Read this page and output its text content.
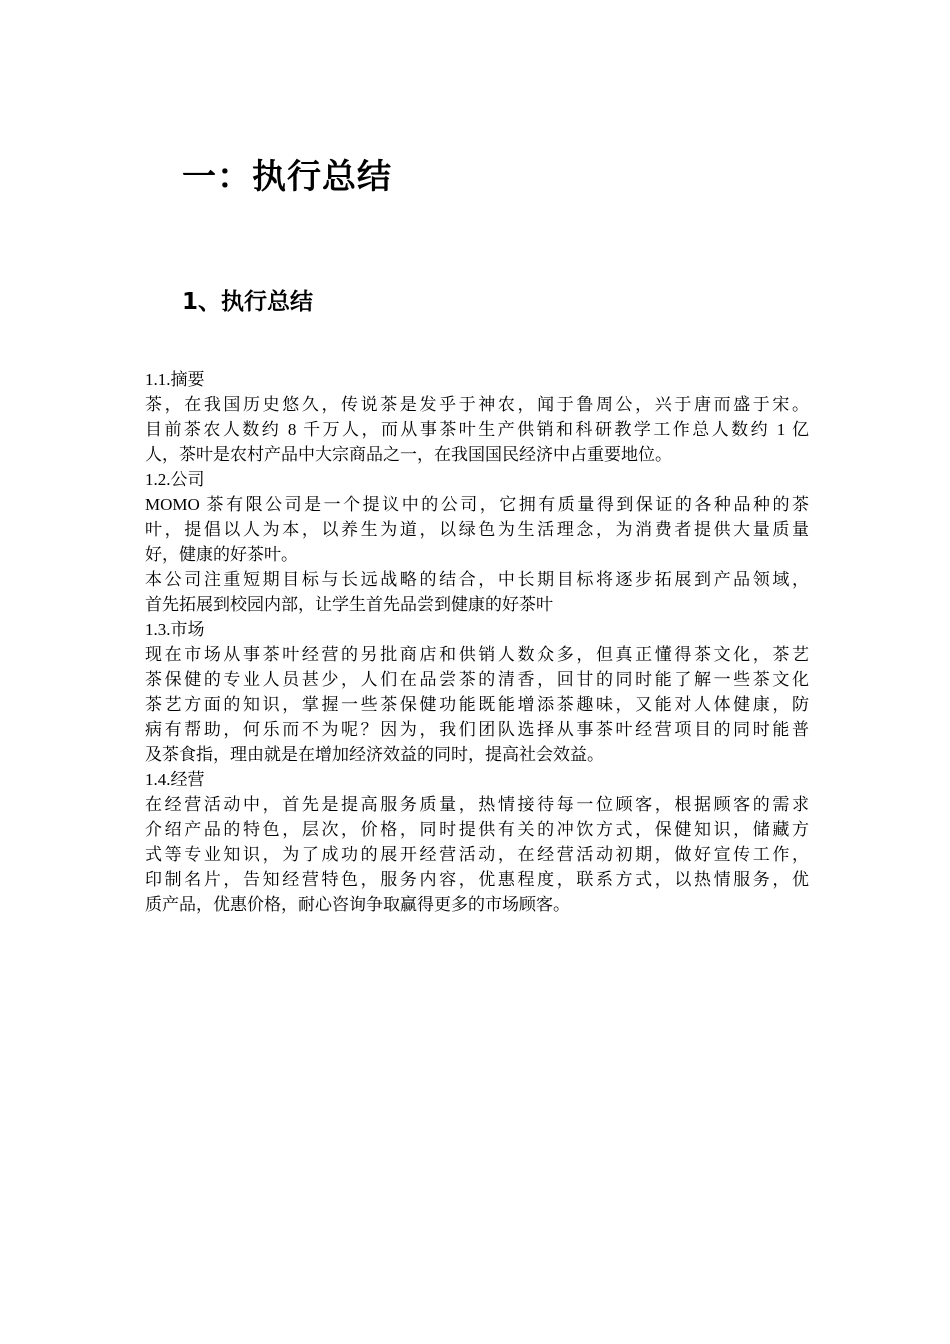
一：执行总结
1、执行总结
1.1.摘要
茶，在我国历史悠久，传说茶是发乎于神农，闻于鲁周公，兴于唐而盛于宋。
目前茶农人数约 8 千万人，而从事茶叶生产供销和科研教学工作总人数约 1 亿
人，茶叶是农村产品中大宗商品之一，在我国国民经济中占重要地位。
1.2.公司
MOMO 茶有限公司是一个提议中的公司，它拥有质量得到保证的各种品种的茶
叶，提倡以人为本，以养生为道，以绿色为生活理念，为消费者提供大量质量
好，健康的好茶叶。
本公司注重短期目标与长远战略的结合，中长期目标将逐步拓展到产品领域，
首先拓展到校园内部，让学生首先品尝到健康的好茶叶
1.3.市场
现在市场从事茶叶经营的另批商店和供销人数众多，但真正懂得茶文化，茶艺
茶保健的专业人员甚少，人们在品尝茶的清香，回甘的同时能了解一些茶文化
茶艺方面的知识，掌握一些茶保健功能既能增添茶趣味，又能对人体健康，防
病有帮助，何乐而不为呢？因为，我们团队选择从事茶叶经营项目的同时能普
及茶食指，理由就是在增加经济效益的同时，提高社会效益。
1.4.经营
在经营活动中，首先是提高服务质量，热情接待每一位顾客，根据顾客的需求
介绍产品的特色，层次，价格，同时提供有关的冲饮方式，保健知识，储藏方
式等专业知识，为了成功的展开经营活动，在经营活动初期，做好宣传工作，
印制名片，告知经营特色，服务内容，优惠程度，联系方式，以热情服务，优
质产品，优惠价格，耐心咨询争取赢得更多的市场顾客。
